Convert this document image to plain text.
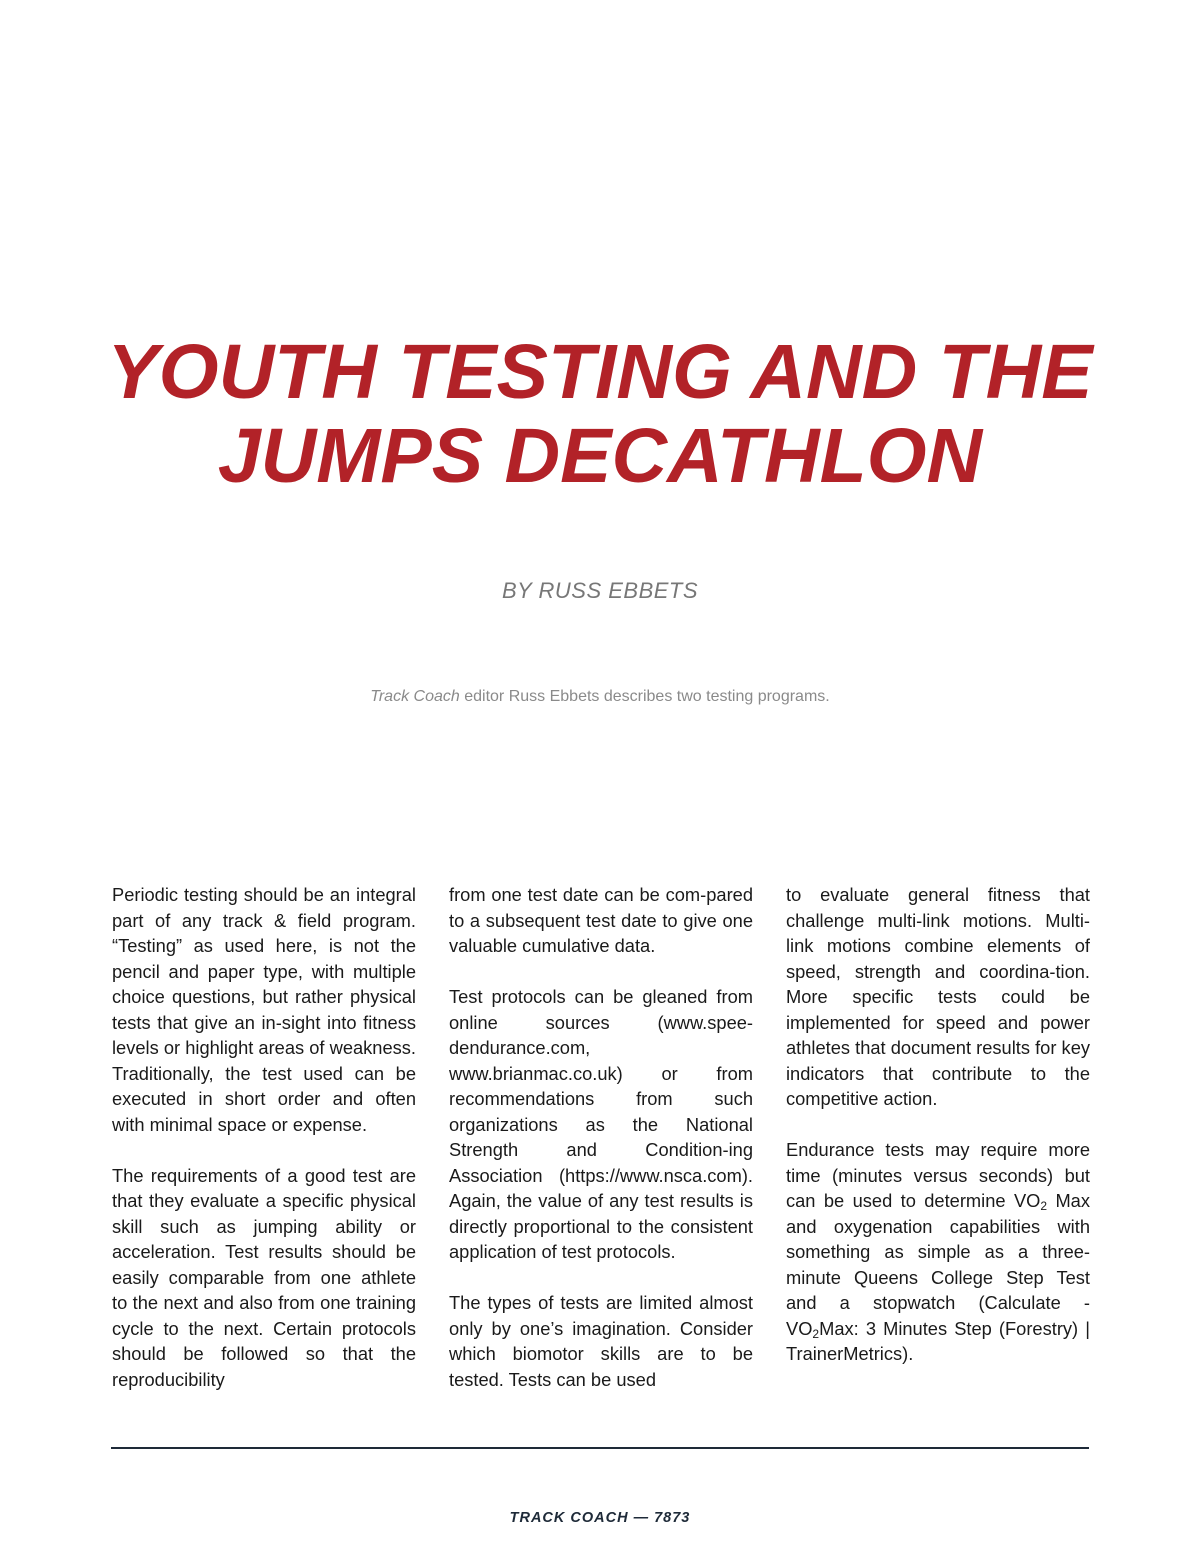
YOUTH TESTING AND THE
JUMPS DECATHLON
BY RUSS EBBETS
Track Coach editor Russ Ebbets describes two testing programs.

Periodic testing should be an integral part of any track & field program. “Testing” as used here, is not the pencil and paper type, with multiple choice questions, but rather physical tests that give an in-sight into fitness levels or highlight areas of weakness. Traditionally, the test used can be executed in short order and often with minimal space or expense.

The requirements of a good test are that they evaluate a specific physical skill such as jumping ability or acceleration. Test results should be easily comparable from one athlete to the next and also from one training cycle to the next. Certain protocols should be followed so that the reproducibility

from one test date can be com-pared to a subsequent test date to give one valuable cumulative data.

Test protocols can be gleaned from online sources (www.spee-dendurance.com, www.brianmac.co.uk) or from recommendations from such organizations as the National Strength and Condition-ing Association (https://www.nsca.com). Again, the value of any test results is directly proportional to the consistent application of test protocols.

The types of tests are limited almost only by one’s imagination. Consider which biomotor skills are to be tested. Tests can be used

to evaluate general fitness that challenge multi-link motions. Multi-link motions combine elements of speed, strength and coordina-tion. More specific tests could be implemented for speed and power athletes that document results for key indicators that contribute to the competitive action.

Endurance tests may require more time (minutes versus seconds) but can be used to determine $VO_2$ Max and oxygenation capabilities with something as simple as a three-minute Queens College Step Test and a stopwatch (Calculate - $VO_2Max$: 3 Minutes Step (Forestry) | TrainerMetrics).

TRACK COACH — 7873
